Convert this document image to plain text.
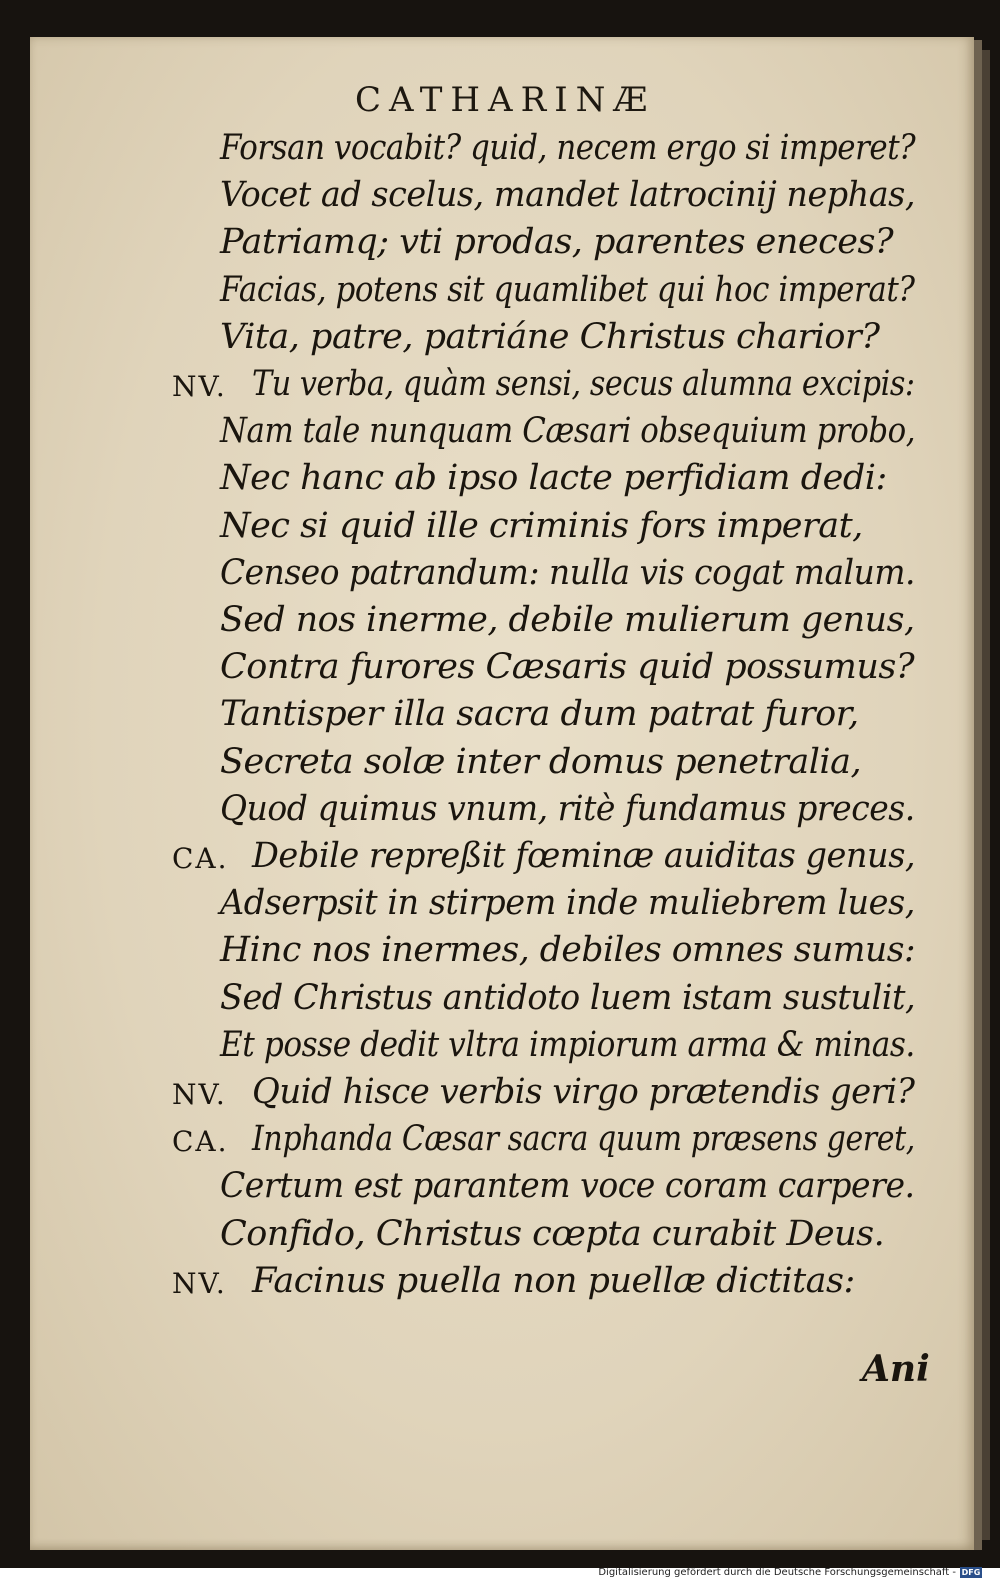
CATHARINÆ
Forsan vocabit? quid, necem ergo si imperet?
Vocet ad scelus, mandet latrocinij nephas,
Patriamq; vti prodas, parentes eneces?
Facias, potens sit quamlibet qui hoc imperat?
Vita, patre, patriáne Christus charior?
NV. Tu verba, quàm sensi, secus alumna excipis:
Nam tale nunquam Cæsari obsequium probo,
Nec hanc ab ipso lacte perfidiam dedi:
Nec si quid ille criminis fors imperat,
Censeo patrandum: nulla vis cogat malum.
Sed nos inerme, debile mulierum genus,
Contra furores Cæsaris quid possumus?
Tantisper illa sacra dum patrat furor,
Secreta solæ inter domus penetralia,
Quod quimus vnum, ritè fundamus preces.
CA. Debile repreßit fœminæ auiditas genus,
Adserpsit in stirpem inde muliebrem lues,
Hinc nos inermes, debiles omnes sumus:
Sed Christus antidoto luem istam sustulit,
Et posse dedit vltra impiorum arma & minas.
NV. Quid hisce verbis virgo prætendis geri?
CA. Inphanda Cæsar sacra quum præsens geret,
Certum est parantem voce coram carpere.
Confido, Christus cœpta curabit Deus.
NV. Facinus puella non puellæ dictitas:
Ani
Digitalisierung gefördert durch die Deutsche Forschungsgemeinschaft - DFG
